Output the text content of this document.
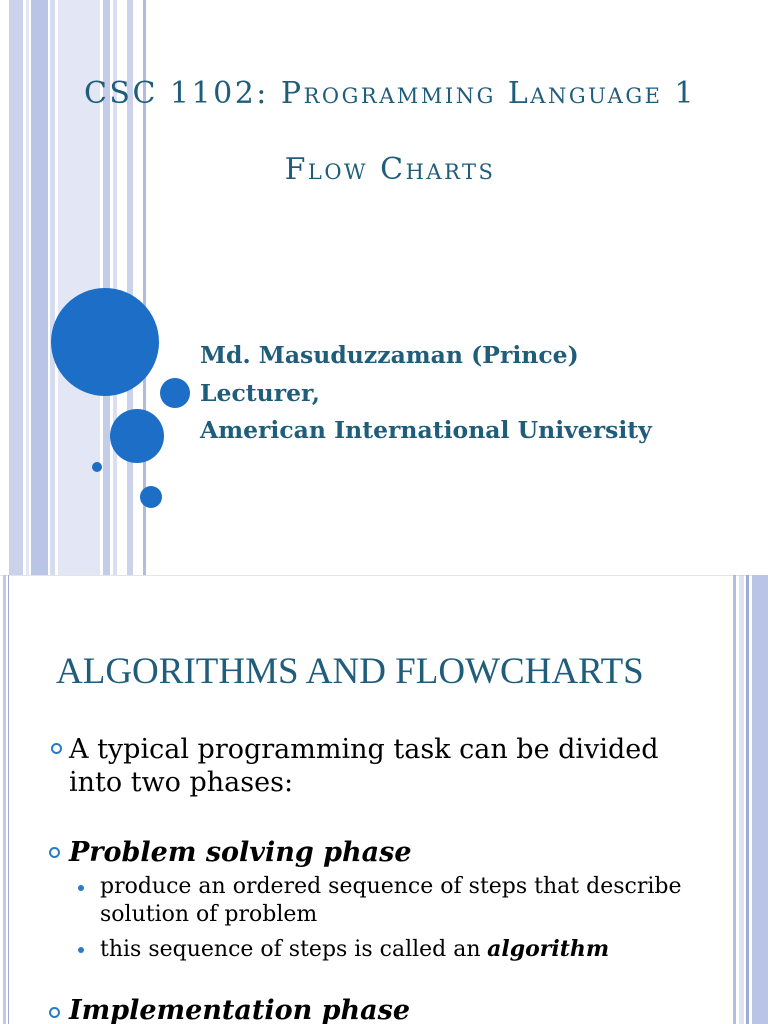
CSC 1102: Programming Language 1
Flow Charts
Md. Masuduzzaman (Prince)
Lecturer,
American International University
ALGORITHMS AND FLOWCHARTS
A typical programming task can be divided into two phases:
Problem solving phase
produce an ordered sequence of steps that describe solution of problem
this sequence of steps is called an algorithm
Implementation phase
